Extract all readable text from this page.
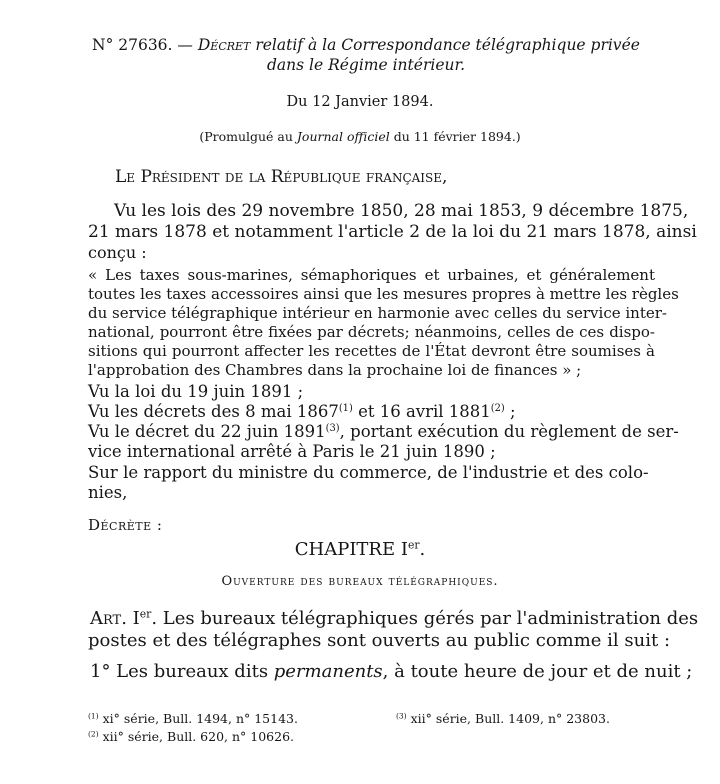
N° 27636. — Décret relatif à la Correspondance télégraphique privée
dans le Régime intérieur.
Du 12 Janvier 1894.
(Promulgué au Journal officiel du 11 février 1894.)
Le Président de la République française,
Vu les lois des 29 novembre 1850, 28 mai 1853, 9 décembre 1875,
21 mars 1878 et notamment l'article 2 de la loi du 21 mars 1878, ainsi
conçu :
« Les taxes sous-marines, sémaphoriques et urbaines, et généralement
toutes les taxes accessoires ainsi que les mesures propres à mettre les règles
du service télégraphique intérieur en harmonie avec celles du service inter-
national, pourront être fixées par décrets; néanmoins, celles de ces dispo-
sitions qui pourront affecter les recettes de l'État devront être soumises à
l'approbation des Chambres dans la prochaine loi de finances » ;
Vu la loi du 19 juin 1891 ;
Vu les décrets des 8 mai 1867$^{(1)}$ et 16 avril 1881$^{(2)}$ ;
Vu le décret du 22 juin 1891$^{(3)}$, portant exécution du règlement de ser-
vice international arrêté à Paris le 21 juin 1890 ;
Sur le rapport du ministre du commerce, de l'industrie et des colo-
nies,
Décrète :
CHAPITRE Ier.
Ouverture des bureaux télégraphiques.
Art. Ier. Les bureaux télégraphiques gérés par l'administration des
postes et des télégraphes sont ouverts au public comme il suit :
1° Les bureaux dits permanents, à toute heure de jour et de nuit ;
$^{(1)}$ xi° série, Bull. 1494, n° 15143.
$^{(2)}$ xii° série, Bull. 620, n° 10626.
$^{(3)}$ xii° série, Bull. 1409, n° 23803.
